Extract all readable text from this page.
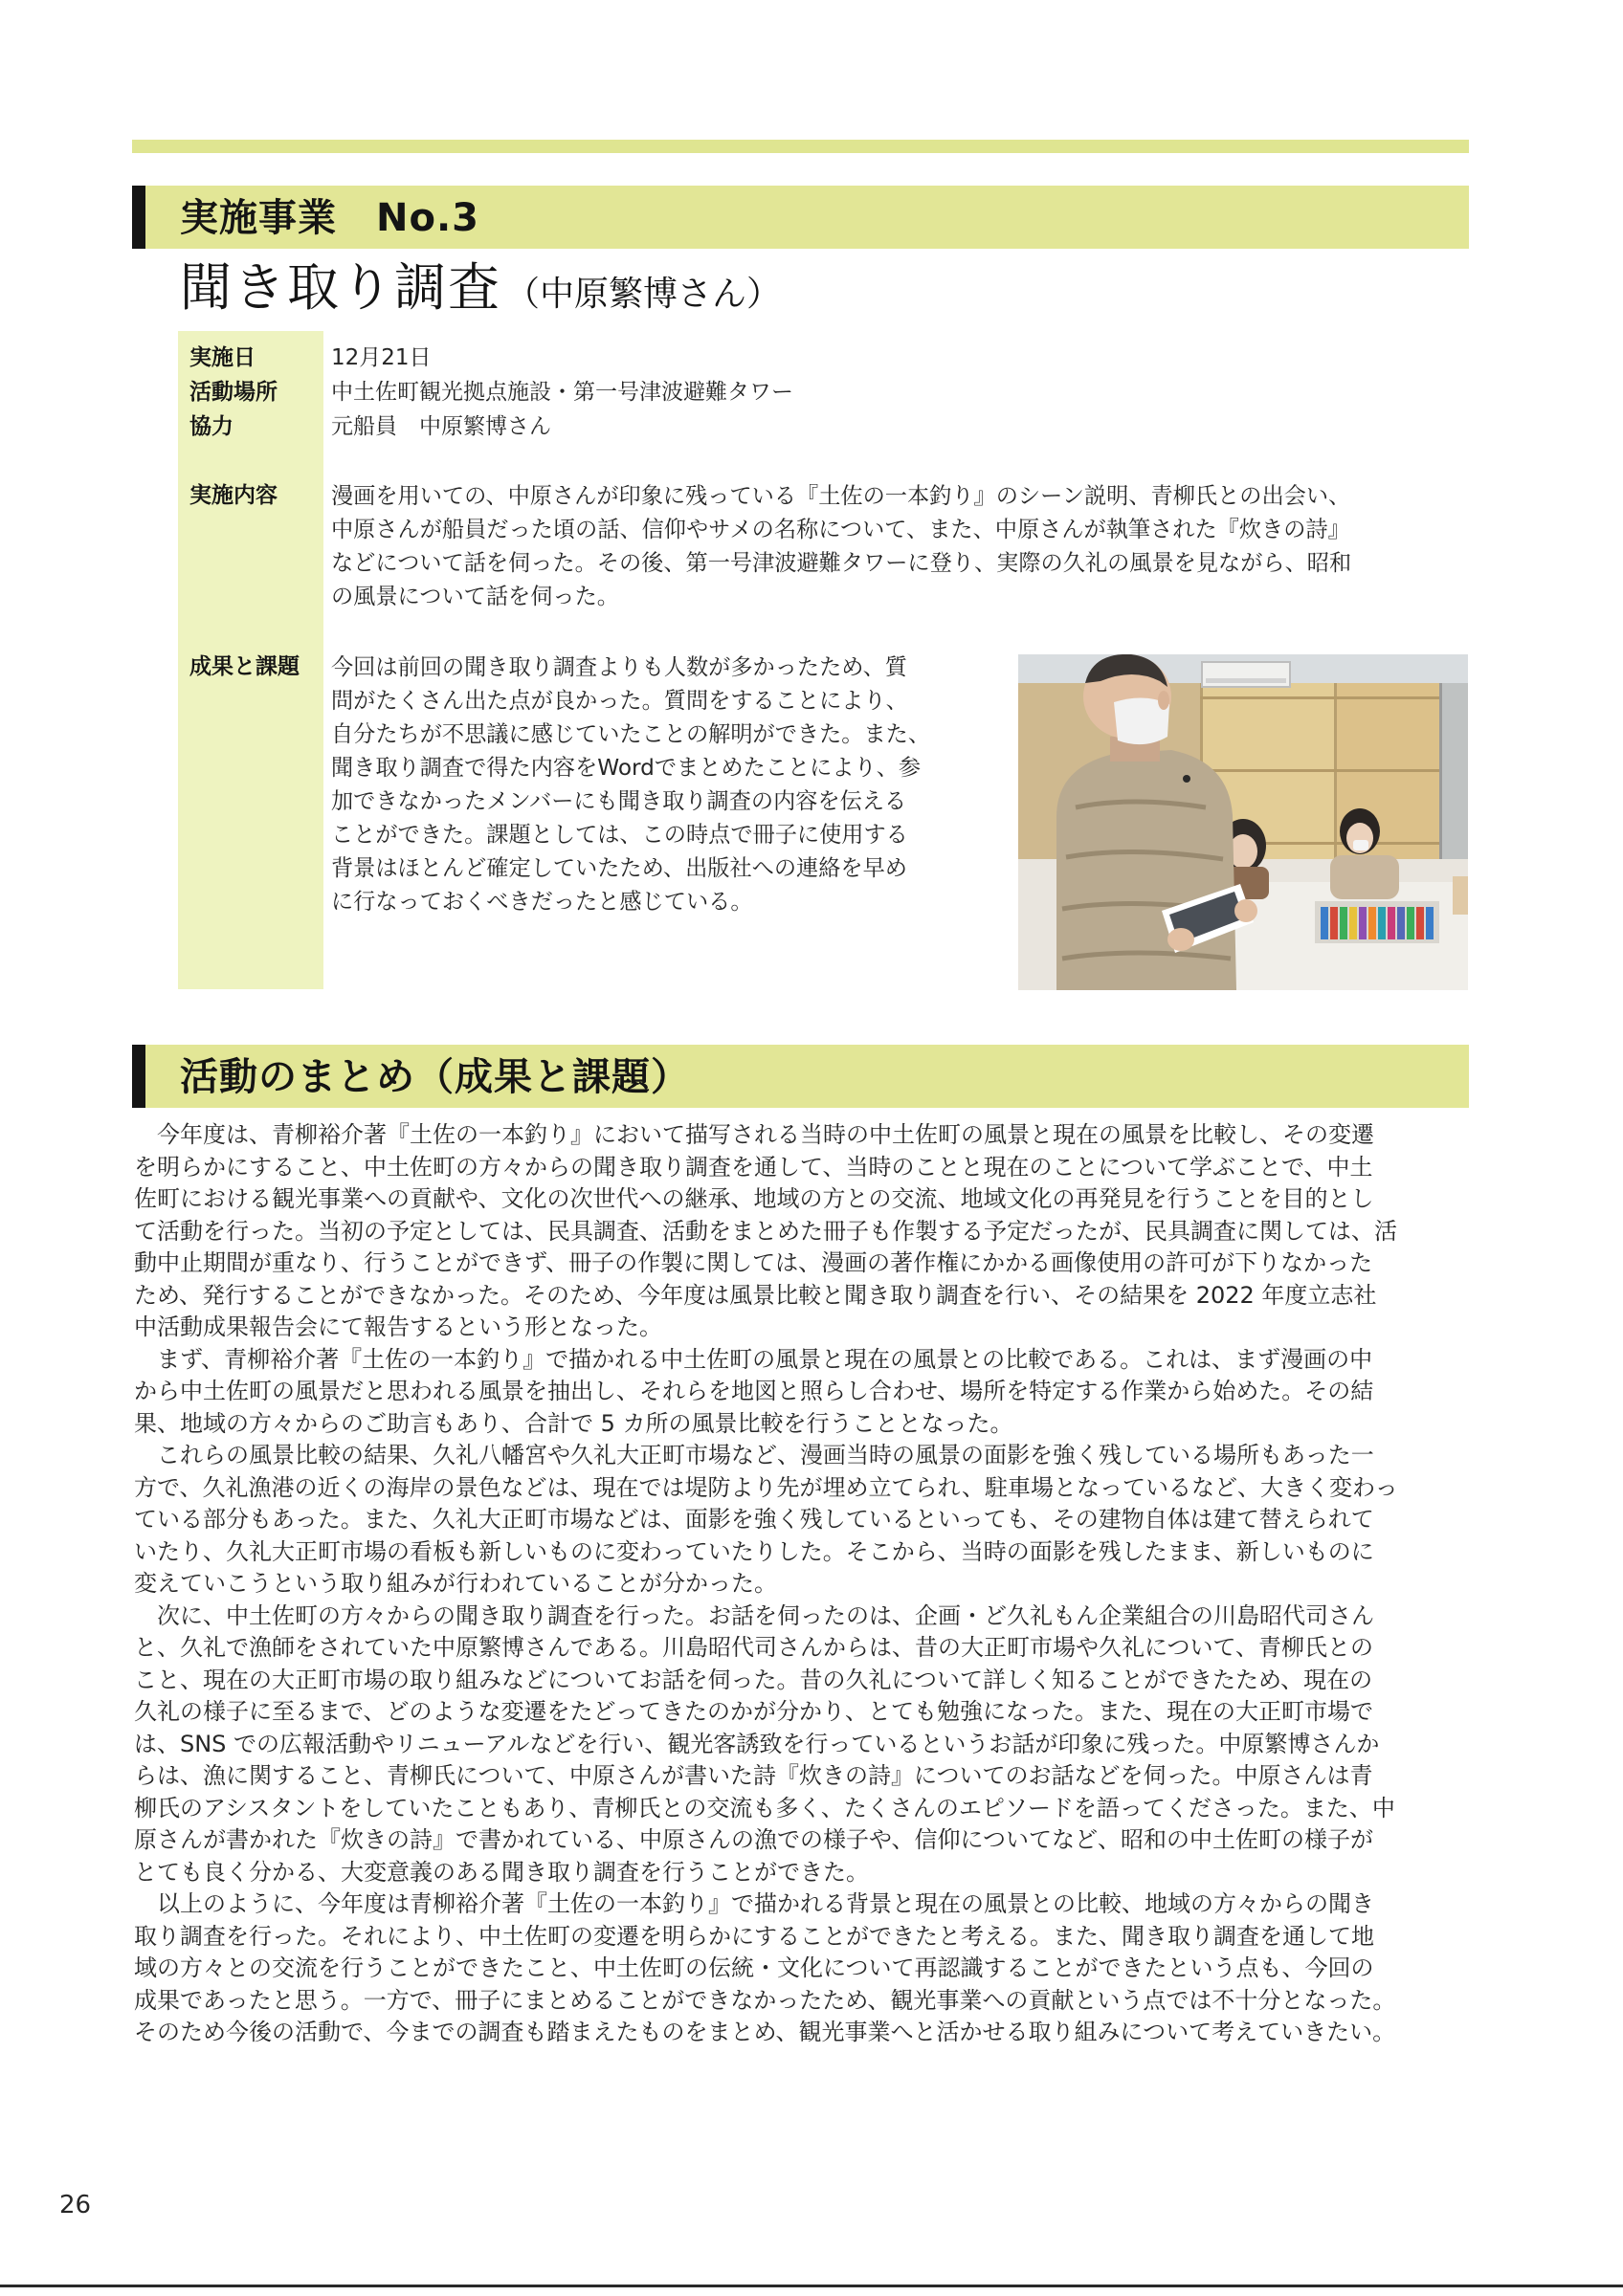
実施事業　No.3
聞き取り調査 （中原繁博さん）
実施日	12月21日
活動場所 中土佐町観光拠点施設・第一号津波避難タワー
協力	元船員　中原繁博さん
実施内容 漫画を用いての、中原さんが印象に残っている『土佐の一本釣り』のシーン説明、青柳氏との出会い、
中原さんが船員だった頃の話、信仰やサメの名称について、また、中原さんが執筆された『炊きの詩』
などについて話を伺った。その後、第一号津波避難タワーに登り、実際の久礼の風景を見ながら、昭和
の風景について話を伺った。
成果と課題 今回は前回の聞き取り調査よりも人数が多かったため、質
問がたくさん出た点が良かった。質問をすることにより、
自分たちが不思議に感じていたことの解明ができた。また、
聞き取り調査で得た内容をWordでまとめたことにより、参
加できなかったメンバーにも聞き取り調査の内容を伝える
ことができた。課題としては、この時点で冊子に使用する
背景はほとんど確定していたため、出版社への連絡を早め
に行なっておくべきだったと感じている。
活動のまとめ（成果と課題）
　今年度は、青柳裕介著『土佐の一本釣り』において描写される当時の中土佐町の風景と現在の風景を比較し、その変遷
を明らかにすること、中土佐町の方々からの聞き取り調査を通して、当時のことと現在のことについて学ぶことで、中土
佐町における観光事業への貢献や、文化の次世代への継承、地域の方との交流、地域文化の再発見を行うことを目的とし
て活動を行った。当初の予定としては、民具調査、活動をまとめた冊子も作製する予定だったが、民具調査に関しては、活
動中止期間が重なり、行うことができず、冊子の作製に関しては、漫画の著作権にかかる画像使用の許可が下りなかった
ため、発行することができなかった。そのため、今年度は風景比較と聞き取り調査を行い、その結果を 2022 年度立志社
中活動成果報告会にて報告するという形となった。
　まず、青柳裕介著『土佐の一本釣り』で描かれる中土佐町の風景と現在の風景との比較である。これは、まず漫画の中
から中土佐町の風景だと思われる風景を抽出し、それらを地図と照らし合わせ、場所を特定する作業から始めた。その結
果、地域の方々からのご助言もあり、合計で 5 カ所の風景比較を行うこととなった。
　これらの風景比較の結果、久礼八幡宮や久礼大正町市場など、漫画当時の風景の面影を強く残している場所もあった一
方で、久礼漁港の近くの海岸の景色などは、現在では堤防より先が埋め立てられ、駐車場となっているなど、大きく変わっ
ている部分もあった。また、久礼大正町市場などは、面影を強く残しているといっても、その建物自体は建て替えられて
いたり、久礼大正町市場の看板も新しいものに変わっていたりした。そこから、当時の面影を残したまま、新しいものに
変えていこうという取り組みが行われていることが分かった。
　次に、中土佐町の方々からの聞き取り調査を行った。お話を伺ったのは、企画・ど久礼もん企業組合の川島昭代司さん
と、久礼で漁師をされていた中原繁博さんである。川島昭代司さんからは、昔の大正町市場や久礼について、青柳氏との
こと、現在の大正町市場の取り組みなどについてお話を伺った。昔の久礼について詳しく知ることができたため、現在の
久礼の様子に至るまで、どのような変遷をたどってきたのかが分かり、とても勉強になった。また、現在の大正町市場で
は、SNS での広報活動やリニューアルなどを行い、観光客誘致を行っているというお話が印象に残った。中原繁博さんか
らは、漁に関すること、青柳氏について、中原さんが書いた詩『炊きの詩』についてのお話などを伺った。中原さんは青
柳氏のアシスタントをしていたこともあり、青柳氏との交流も多く、たくさんのエピソードを語ってくださった。また、中
原さんが書かれた『炊きの詩』で書かれている、中原さんの漁での様子や、信仰についてなど、昭和の中土佐町の様子が
とても良く分かる、大変意義のある聞き取り調査を行うことができた。
　以上のように、今年度は青柳裕介著『土佐の一本釣り』で描かれる背景と現在の風景との比較、地域の方々からの聞き
取り調査を行った。それにより、中土佐町の変遷を明らかにすることができたと考える。また、聞き取り調査を通して地
域の方々との交流を行うことができたこと、中土佐町の伝統・文化について再認識することができたという点も、今回の
成果であったと思う。一方で、冊子にまとめることができなかったため、観光事業への貢献という点では不十分となった。
そのため今後の活動で、今までの調査も踏まえたものをまとめ、観光事業へと活かせる取り組みについて考えていきたい。
26
